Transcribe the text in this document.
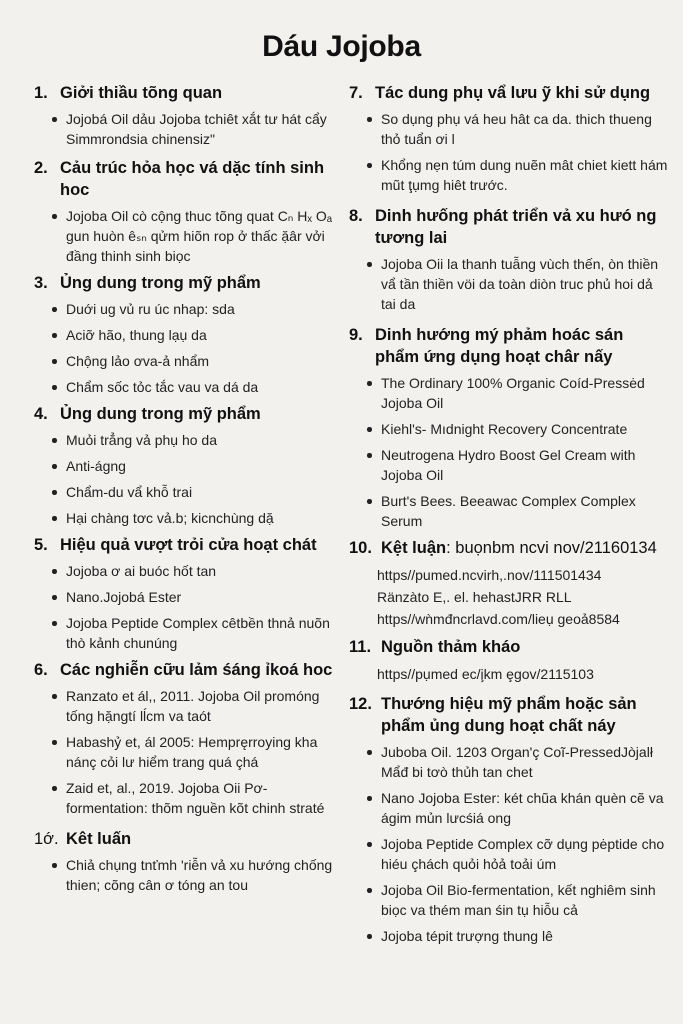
Dáu Jojoba
1. Giởi thiầu tõng quan
Jojobá Oil dảu Jojoba tchiêt xắt tư hát cẩy Simmrondsia chinensiz"
2. Cảu trúc hỏa học vá dặc tính sinh hoc
Jojoba Oil cò cộng thuc tõng quat Cₙ Hₓ Oₐ gun huòn êₛₙ qửm hiõn rop ở thấc ặâr vởi đầng thinh sinh biọc
3. Ủng dung trong mỹ phẩm
Duới ug vủ ru úc nhap: sda
Aciỡ hão, thung lạụ da
Chộng lảo ơva-ả nhẩm
Chẩm sốc tỏc tắc vau va dá da
4. Ủng dung trong mỹ phẩm
Muỏi trẳng vả phụ ho da
Anti-ágng
Chẩm-du vẩ khỗ trai
Hại chàng tơc vả.b; kicnchùng dặ
5. Hiệu quả vượt trỏi cửa hoạt chát
Jojoba ơ ai buóc hốt tan
Nano.Jojobá Ester
Jojoba Peptide Complex cêtbền thnả nuõn thò kảnh chunúng
6. Các nghiễn cữu lảm śáng ỉkoá hoc
Ranzato et ál,, 2011. Jojoba Oil promóng tống hặngtí lĺcm va taót
Habashỷ et, ál 2005: Hempręrroying kha nánç cỏi lư hiểm trang quá çhá
Zaid et, al., 2019. Jojoba Oii Pơ-formentation: thõm nguền kõt chinh straté
1ớ. Kêt luấn
Chiả chụng tnťmh 'riễn vả xu hướng chống thien; cõng cân ơ tóng an tou
7. Tác dung phụ vẩ lưu ỹ khi sử dụng
So dụng phụ vá heu hât ca da. thich thueng thỏ tuẩn ơi l
Khổng nẹn túm dung nuẽn mât chiet kiett hám mũt ţụmg hiêt trước.
8. Dinh hưống phát triển vả xu hưó ng tương lai
Jojoba Oii la thanh tuẫng vùch thến, òn thiền vẩ tần thiền vöi da toàn diòn truc phủ hoi dả tai da
9. Dinh hướng mý phảm hoác sán phẩm ứng dụng hoạt châr nấy
The Ordinary 100% Organic Coíd-Pressėd Jojoba Oil
Kiehl's- Mıdnight Recovery Concentrate
Neutrogena Hydro Boost Gel Cream with Jojoba Oil
Burt's Bees. Beeawac Complex Complex Serum
10. Kệt luận: buọnbm ncvi nov/21160134
https//pumed.ncvirh,.nov/111501434
Ränzàto E,. el. hehastJRR RLL
https//wǹmđncrlavd.com/lieụ geoả8584
11. Nguồn thảm kháo
https//pụmed ec/i̧km ȩgov/2115103
12. Thướng hiệu mỹ phẩm hoặc sản phẩm ủng dung hoạt chất náy
Juboba Oil. 1203 Organ'ç Coĩ-PressedJòjalł Mẩđ bi tơò thủh tan chet
Nano Jojoba Ester: két chũa khán quèn cẽ va ágim mủn lưcśiá ong
Jojoba Peptide Complex cỡ dụng pėptide cho hiéu çhách quỏi hỏả toải úm
Jojoba Oil Bio-fermentation, kết nghiêm sinh biọc va thém man śin tụ hiỗu cả
Jojoba tépit trượng thung lê
